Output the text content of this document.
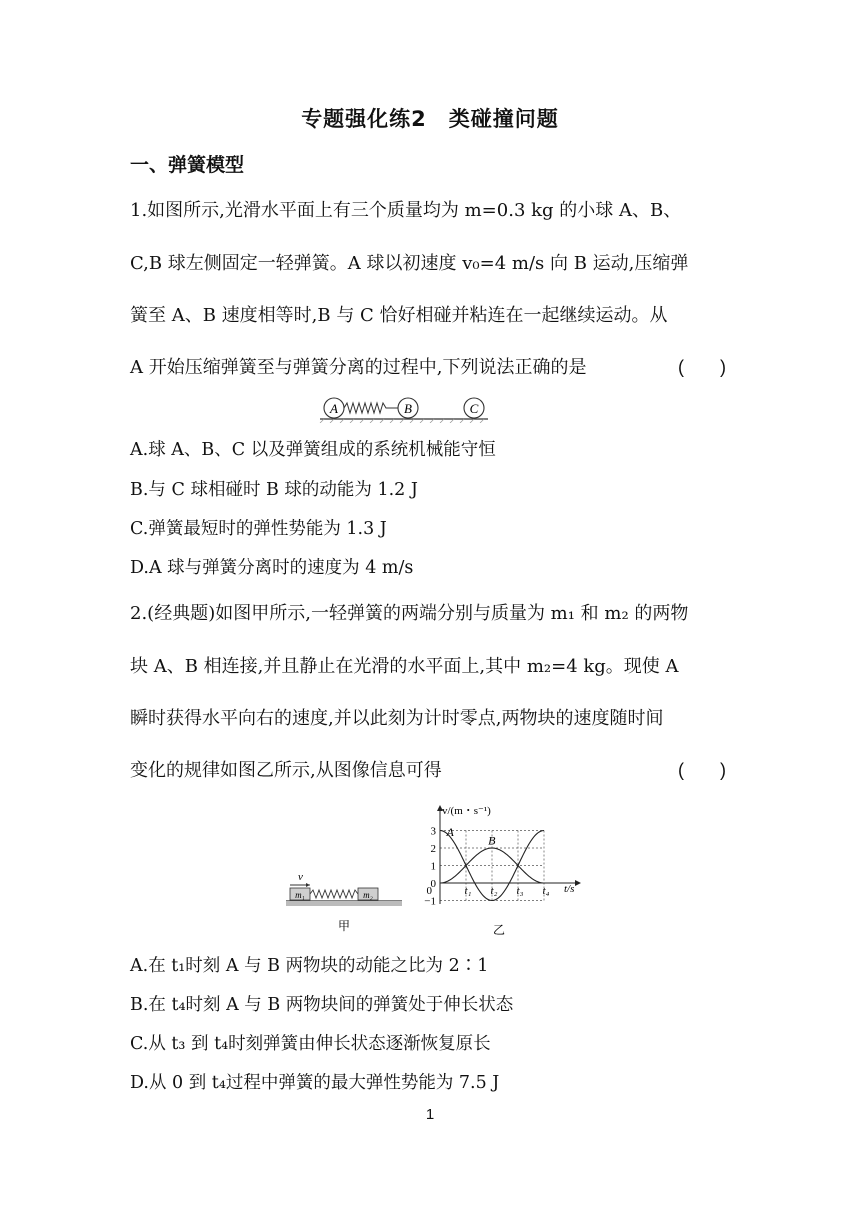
专题强化练2　类碰撞问题
一、弹簧模型
1.如图所示,光滑水平面上有三个质量均为 m=0.3 kg 的小球 A、B、
C,B 球左侧固定一轻弹簧。A 球以初速度 v₀=4 m/s 向 B 运动,压缩弹
簧至 A、B 速度相等时,B 与 C 恰好相碰并粘连在一起继续运动。从
A 开始压缩弹簧至与弹簧分离的过程中,下列说法正确的是	(　　)
A	B	C
A.球 A、B、C 以及弹簧组成的系统机械能守恒
B.与 C 球相碰时 B 球的动能为 1.2 J
C.弹簧最短时的弹性势能为 1.3 J
D.A 球与弹簧分离时的速度为 4 m/s
2.(经典题)如图甲所示,一轻弹簧的两端分别与质量为 m₁ 和 m₂ 的两物
块 A、B 相连接,并且静止在光滑的水平面上,其中 m₂=4 kg。现使 A
瞬时获得水平向右的速度,并以此刻为计时零点,两物块的速度随时间
变化的规律如图乙所示,从图像信息可得	(　　)
v
m₁	m₂
甲
v/(m・s⁻¹)
t/s
−1
0
1
2
3
0	t₁ t₂ t₃ t₄
A
B
乙
A.在 t₁时刻 A 与 B 两物块的动能之比为 2∶1
B.在 t₄时刻 A 与 B 两物块间的弹簧处于伸长状态
C.从 t₃ 到 t₄时刻弹簧由伸长状态逐渐恢复原长
D.从 0 到 t₄过程中弹簧的最大弹性势能为 7.5 J
1
